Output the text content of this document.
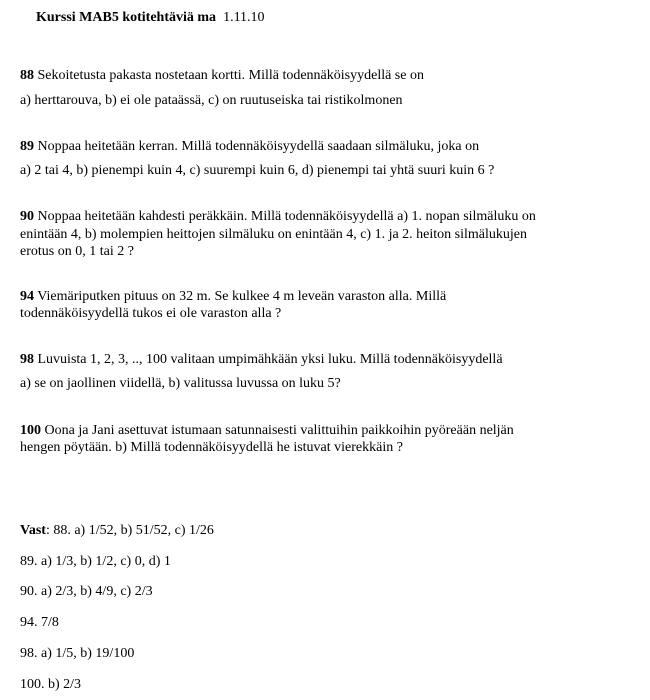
Kurssi MAB5 kotitehtäviä ma 1.11.10
88 Sekoitetusta pakasta nostetaan kortti. Millä todennäköisyydellä se on
a) herttarouva, b) ei ole pataässä, c) on ruutuseiska tai ristikolmonen
89 Noppaa heitetään kerran. Millä todennäköisyydellä saadaan silmäluku, joka on
a) 2 tai 4, b) pienempi kuin 4, c) suurempi kuin 6, d) pienempi tai yhtä suuri kuin 6 ?
90 Noppaa heitetään kahdesti peräkkäin. Millä todennäköisyydellä a) 1. nopan silmäluku on
enintään 4, b) molempien heittojen silmäluku on enintään 4, c) 1. ja 2. heiton silmälukujen
erotus on 0, 1 tai 2 ?
94 Viemäriputken pituus on 32 m. Se kulkee 4 m leveän varaston alla. Millä
todennäköisyydellä tukos ei ole varaston alla ?
98 Luvuista 1, 2, 3, .., 100 valitaan umpimähkään yksi luku. Millä todennäköisyydellä
a) se on jaollinen viidellä, b) valitussa luvussa on luku 5?
100 Oona ja Jani asettuvat istumaan satunnaisesti valittuihin paikkoihin pyöreään neljän
hengen pöytään. b) Millä todennäköisyydellä he istuvat vierekkäin ?
Vast: 88. a) 1/52, b) 51/52, c) 1/26
89. a) 1/3, b) 1/2, c) 0, d) 1
90. a) 2/3, b) 4/9, c) 2/3
94. 7/8
98. a) 1/5, b) 19/100
100. b) 2/3
